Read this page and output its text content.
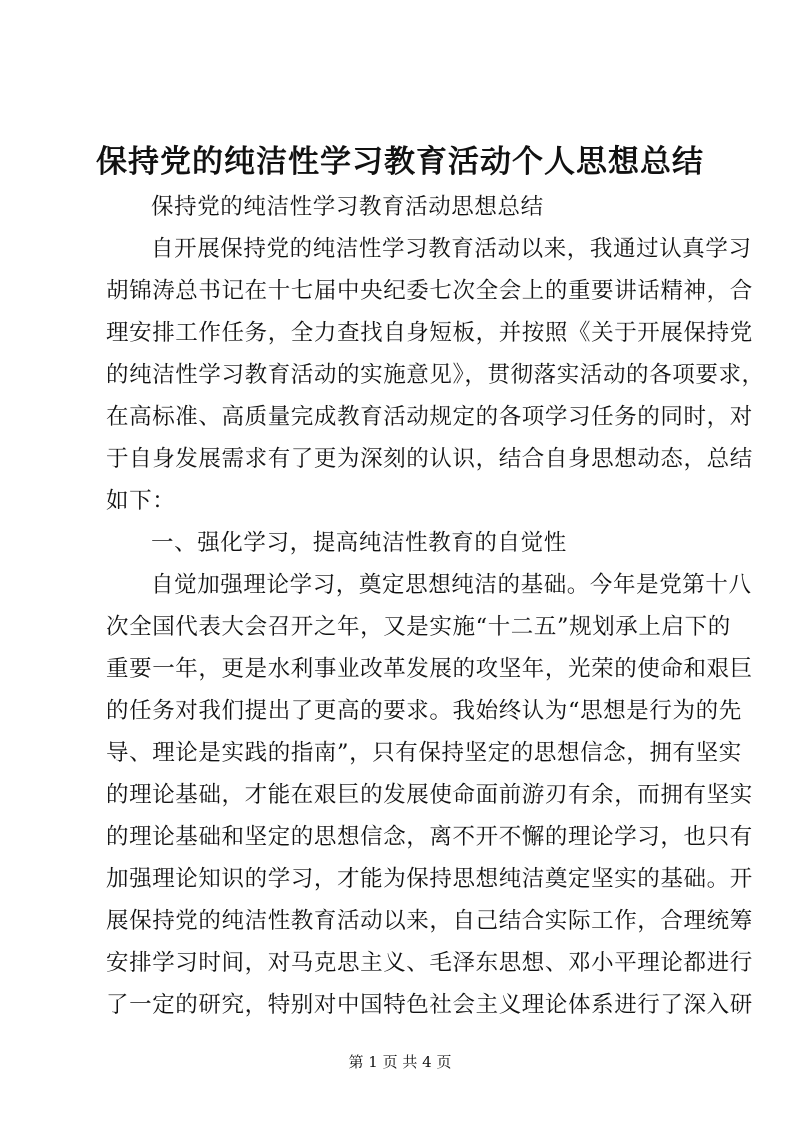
保持党的纯洁性学习教育活动个人思想总结
保持党的纯洁性学习教育活动思想总结
自开展保持党的纯洁性学习教育活动以来，我通过认真学习
胡锦涛总书记在十七届中央纪委七次全会上的重要讲话精神，合
理安排工作任务，全力查找自身短板，并按照《关于开展保持党
的纯洁性学习教育活动的实施意见》，贯彻落实活动的各项要求，
在高标准、高质量完成教育活动规定的各项学习任务的同时，对
于自身发展需求有了更为深刻的认识，结合自身思想动态，总结
如下：
一、强化学习，提高纯洁性教育的自觉性
自觉加强理论学习，奠定思想纯洁的基础。今年是党第十八
次全国代表大会召开之年，又是实施“十二五”规划承上启下的
重要一年，更是水利事业改革发展的攻坚年，光荣的使命和艰巨
的任务对我们提出了更高的要求。我始终认为“思想是行为的先
导、理论是实践的指南”，只有保持坚定的思想信念，拥有坚实
的理论基础，才能在艰巨的发展使命面前游刃有余，而拥有坚实
的理论基础和坚定的思想信念，离不开不懈的理论学习，也只有
加强理论知识的学习，才能为保持思想纯洁奠定坚实的基础。开
展保持党的纯洁性教育活动以来，自己结合实际工作，合理统筹
安排学习时间，对马克思主义、毛泽东思想、邓小平理论都进行
了一定的研究，特别对中国特色社会主义理论体系进行了深入研
第 1 页 共 4 页
